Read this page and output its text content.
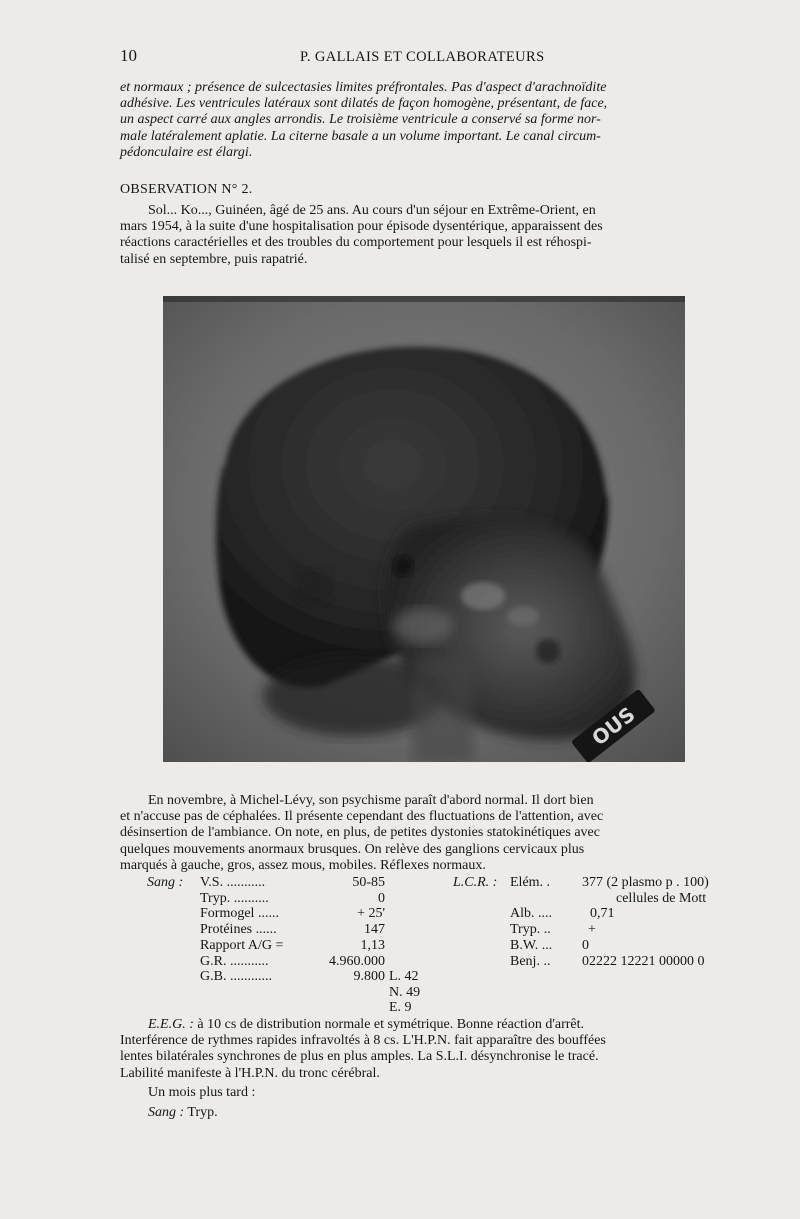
10	P. GALLAIS ET COLLABORATEURS
et normaux ; présence de sulcectasies limites préfrontales. Pas d'aspect d'arachnoïdite
adhésive. Les ventricules latéraux sont dilatés de façon homogène, présentant, de face,
un aspect carré aux angles arrondis. Le troisième ventricule a conservé sa forme nor-
male latéralement aplatie. La citerne basale a un volume important. Le canal circum-
pédonculaire est élargi.
OBSERVATION N° 2.
Sol... Ko..., Guinéen, âgé de 25 ans. Au cours d'un séjour en Extrême-Orient, en
mars 1954, à la suite d'une hospitalisation pour épisode dysentérique, apparaissent des
réactions caractérielles et des troubles du comportement pour lesquels il est réhospi-
talisé en septembre, puis rapatrié.
OUS
En novembre, à Michel-Lévy, son psychisme paraît d'abord normal. Il dort bien
et n'accuse pas de céphalées. Il présente cependant des fluctuations de l'attention, avec
désinsertion de l'ambiance. On note, en plus, de petites dystonies statokinétiques avec
quelques mouvements anormaux brusques. On relève des ganglions cervicaux plus
marqués à gauche, gros, assez mous, mobiles. Réflexes normaux.
Sang : V.S. ...........
Tryp. ..........
Formogel ......
Protéines ......
Rapport A/G =
G.R. ...........
G.B. ............
50-85
0
+ 25'
147
1,13
4.960.000
9.800 L. 42
N. 49
E. 9
L.C.R. : Elém. .

Alb. ....
Tryp. ..
B.W. ...
Benj. ..
377 (2 plasmo p . 100)
cellules de Mott
0,71
+
0
02222 12221 00000 0
E.E.G. : à 10 cs de distribution normale et symétrique. Bonne réaction d'arrêt.
Interférence de rythmes rapides infravoltés à 8 cs. L'H.P.N. fait apparaître des bouffées
lentes bilatérales synchrones de plus en plus amples. La S.L.I. désynchronise le tracé.
Labilité manifeste à l'H.P.N. du tronc cérébral.
Un mois plus tard :
Sang : Tryp.
